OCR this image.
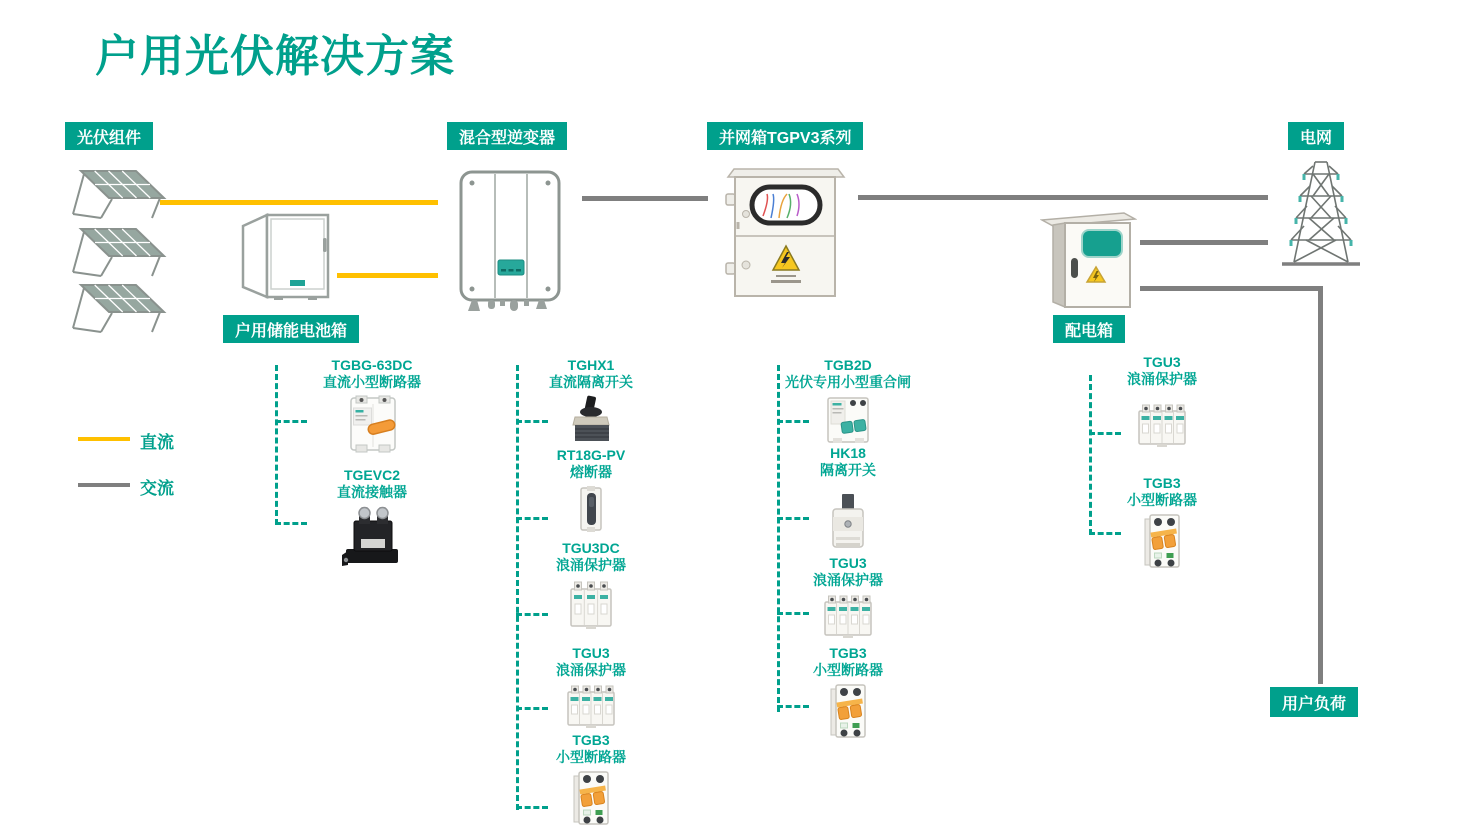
户用光伏解决方案
光伏组件	混合型逆变器	并网箱TGPV3系列	电网
户用储能电池箱	配电箱
用户负荷
直流
交流
TGBG-63DC
直流小型断路器
TGEVC2
直流接触器
TGHX1
直流隔离开关
RT18G-PV
熔断器
TGU3DC
浪涌保护器
TGU3
浪涌保护器
TGB3
小型断路器
TGB2D
光伏专用小型重合闸
HK18
隔离开关
TGU3
浪涌保护器
TGB3
小型断路器
TGU3
浪涌保护器
TGB3
小型断路器
